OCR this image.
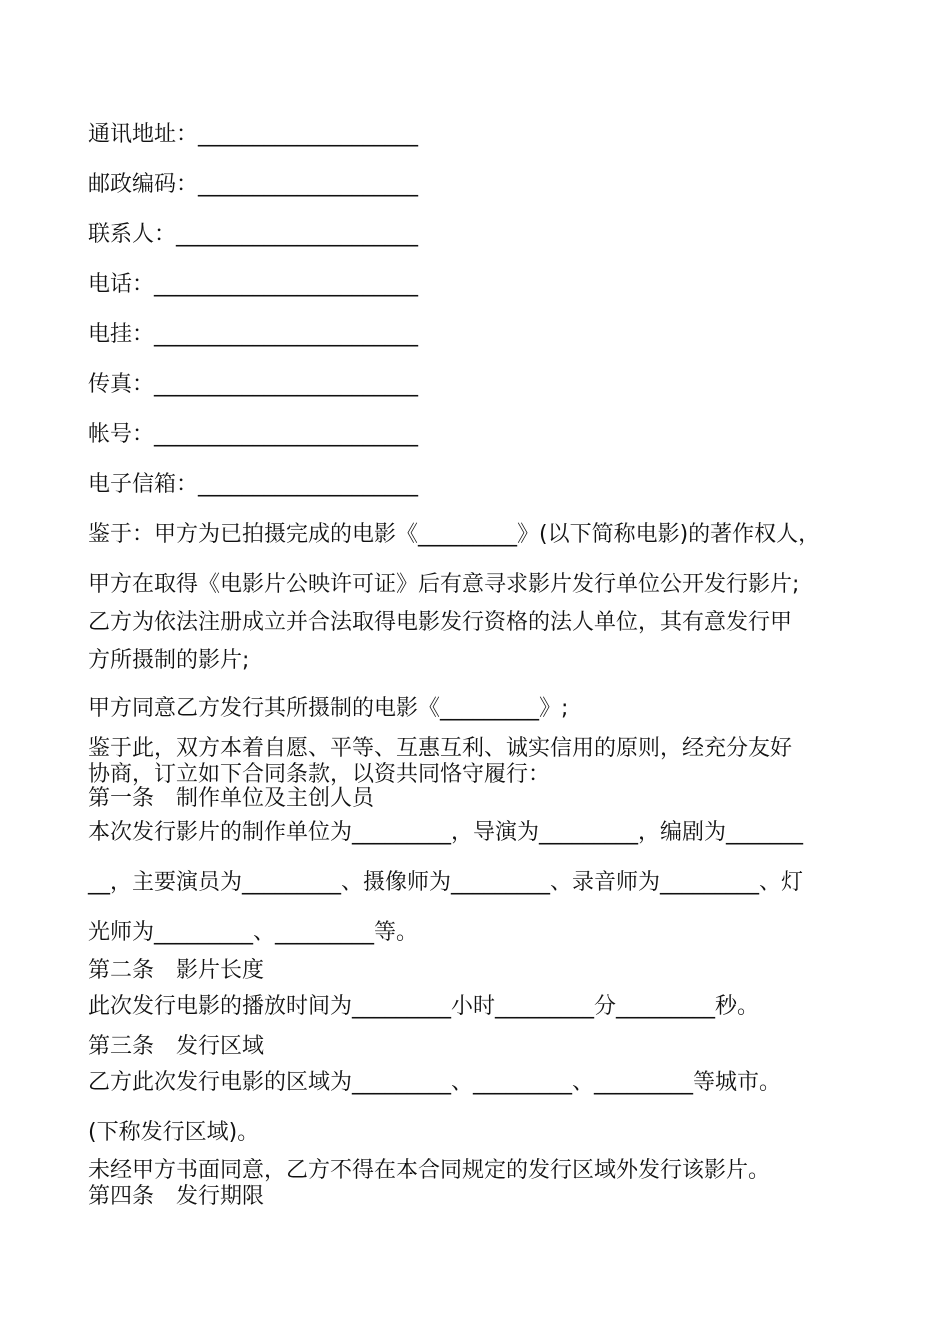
通讯地址：____________________
邮政编码：____________________
联系人：______________________
电话：________________________
电挂：________________________
传真：________________________
帐号：________________________
电子信箱：____________________
鉴于：甲方为已拍摄完成的电影《_________》(以下简称电影)的著作权人，
甲方在取得《电影片公映许可证》后有意寻求影片发行单位公开发行影片;
乙方为依法注册成立并合法取得电影发行资格的法人单位，其有意发行甲
方所摄制的影片;
甲方同意乙方发行其所摄制的电影《_________》;
鉴于此，双方本着自愿、平等、互惠互利、诚实信用的原则，经充分友好
协商，订立如下合同条款，以资共同恪守履行：
第一条　制作单位及主创人员
本次发行影片的制作单位为_________，导演为_________，编剧为_______
__，主要演员为_________、摄像师为_________、录音师为_________、灯
光师为_________、_________等。
第二条　影片长度
此次发行电影的播放时间为_________小时_________分_________秒。
第三条　发行区域
乙方此次发行电影的区域为_________、_________、_________等城市。
(下称发行区域)。
未经甲方书面同意，乙方不得在本合同规定的发行区域外发行该影片。
第四条　发行期限
